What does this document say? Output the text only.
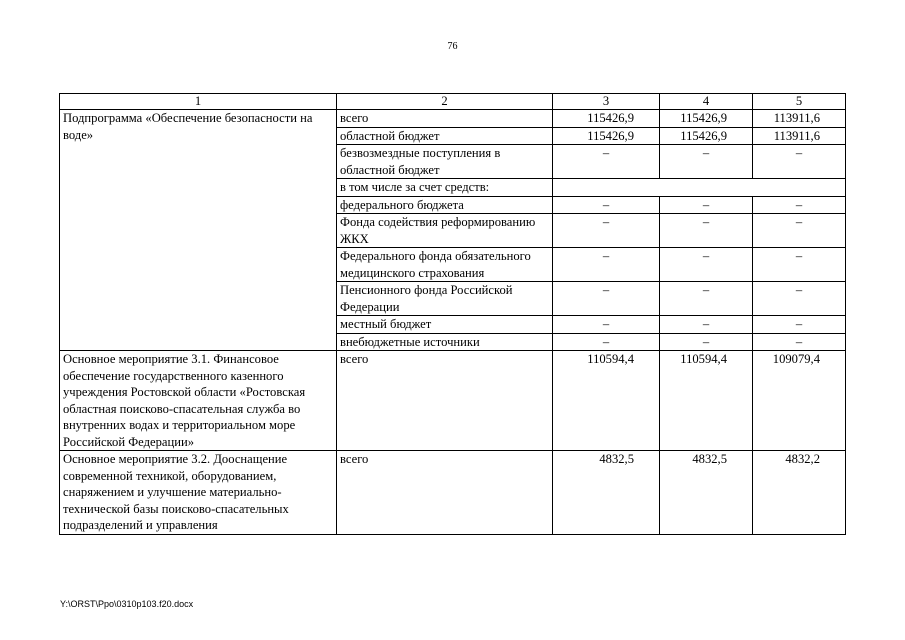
76
1	2	3	4	5
Подпрограмма «Обеспечение безопасности на воде»	всего	115426,9	115426,9	113911,6
	областной бюджет	115426,9	115426,9	113911,6
	безвозмездные поступления в областной бюджет	–	–	–
	в том числе за счет средств:			
	федерального бюджета	–	–	–
	Фонда содействия реформированию ЖКХ	–	–	–
	Федерального фонда обязательного медицинского страхования	–	–	–
	Пенсионного фонда Российской Федерации	–	–	–
	местный бюджет	–	–	–
	внебюджетные источники	–	–	–
Основное мероприятие 3.1. Финансовое обеспечение государственного казенного учреждения Ростовской области «Ростовская областная поисково-спасательная служба во внутренних водах и территориальном море Российской Федерации»	всего	110594,4	110594,4	109079,4
Основное мероприятие 3.2. Дооснащение современной техникой, оборудованием, снаряжением и улучшение материально-технической базы поисково-спасательных подразделений и управления	всего	4832,5	4832,5	4832,2
Y:\ORST\Ppo\0310p103.f20.docx
